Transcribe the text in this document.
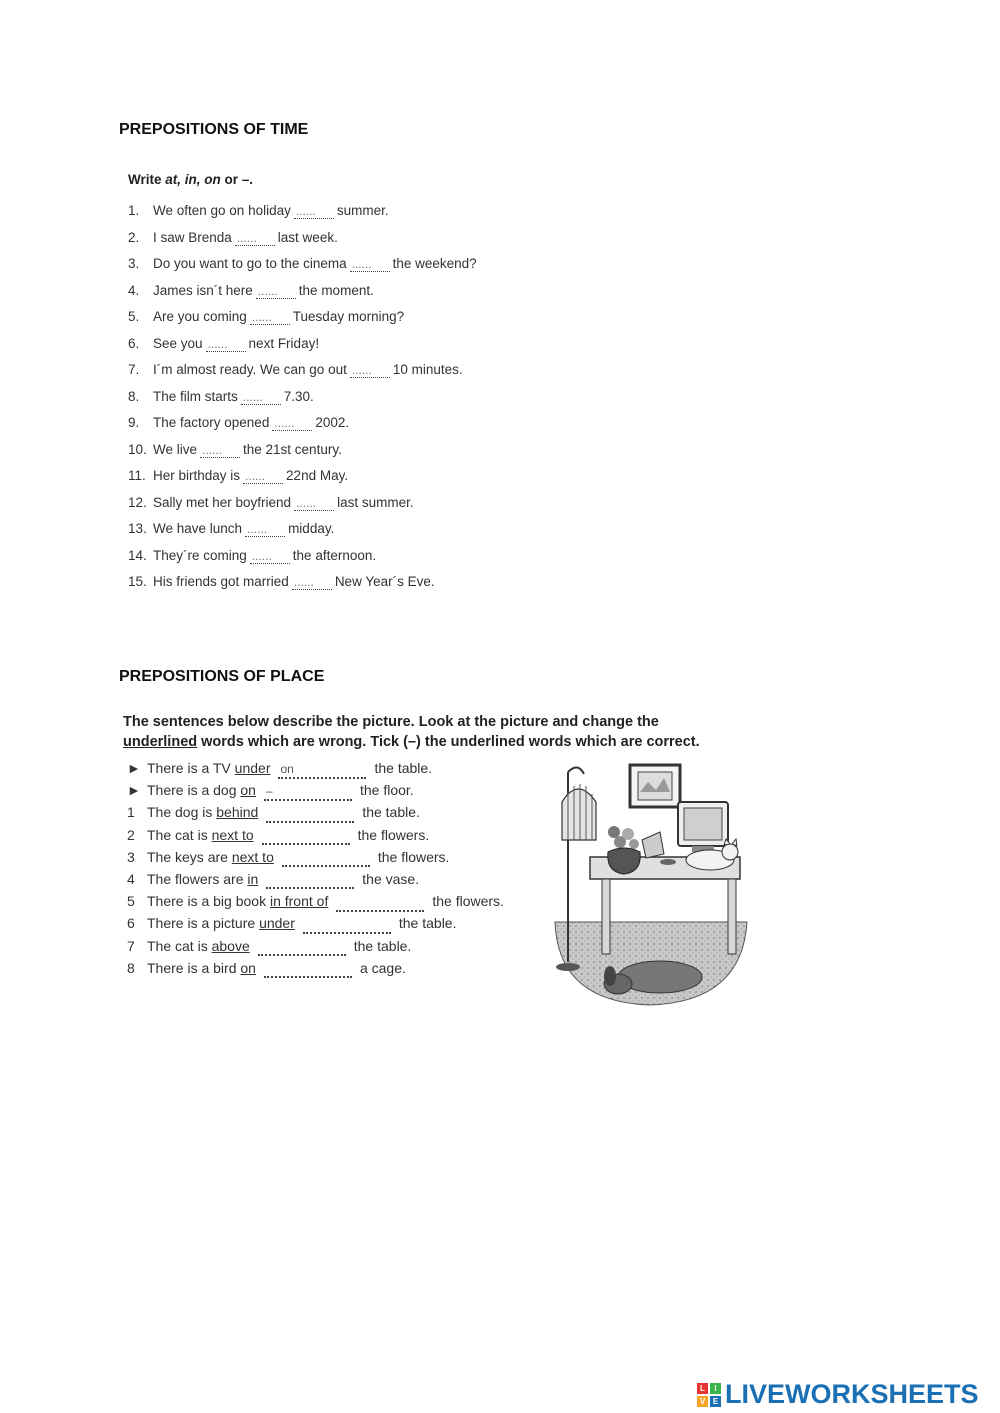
PREPOSITIONS OF TIME
Write at, in, on or –.
1. We often go on holiday......	summer.
2. I saw Brenda......	last week.
3. Do you want to go to the cinema......	the weekend?
4. James isn´t here......	the moment.
5. Are you coming......	Tuesday morning?
6. See you......	next Friday!
7. I´m almost ready. We can go out......	10 minutes.
8. The film starts......	7.30.
9. The factory opened......	2002.
10. We live......	the 21st century.
11. Her birthday is......	22nd May.
12. Sally met her boyfriend......	last summer.
13. We have lunch......	midday.
14. They´re coming......	the afternoon.
15. His friends got married......	New Year´s Eve.
PREPOSITIONS OF PLACE
The sentences below describe the picture. Look at the picture and change the
underlined words which are wrong. Tick (–) the underlined words which are correct.
► There is a TV underon	the table.
► There is a dog on–	the floor.
1 The dog is behind	the table.
2 The cat is next to	the flowers.
3 The keys are next to	the flowers.
4 The flowers are in	the vase.
5 There is a big book in front of	the flowers.
6 There is a picture under	the table.
7 The cat is above	the table.
8 There is a bird on	a cage.
L	I
V E LIVEWORKSHEETS
